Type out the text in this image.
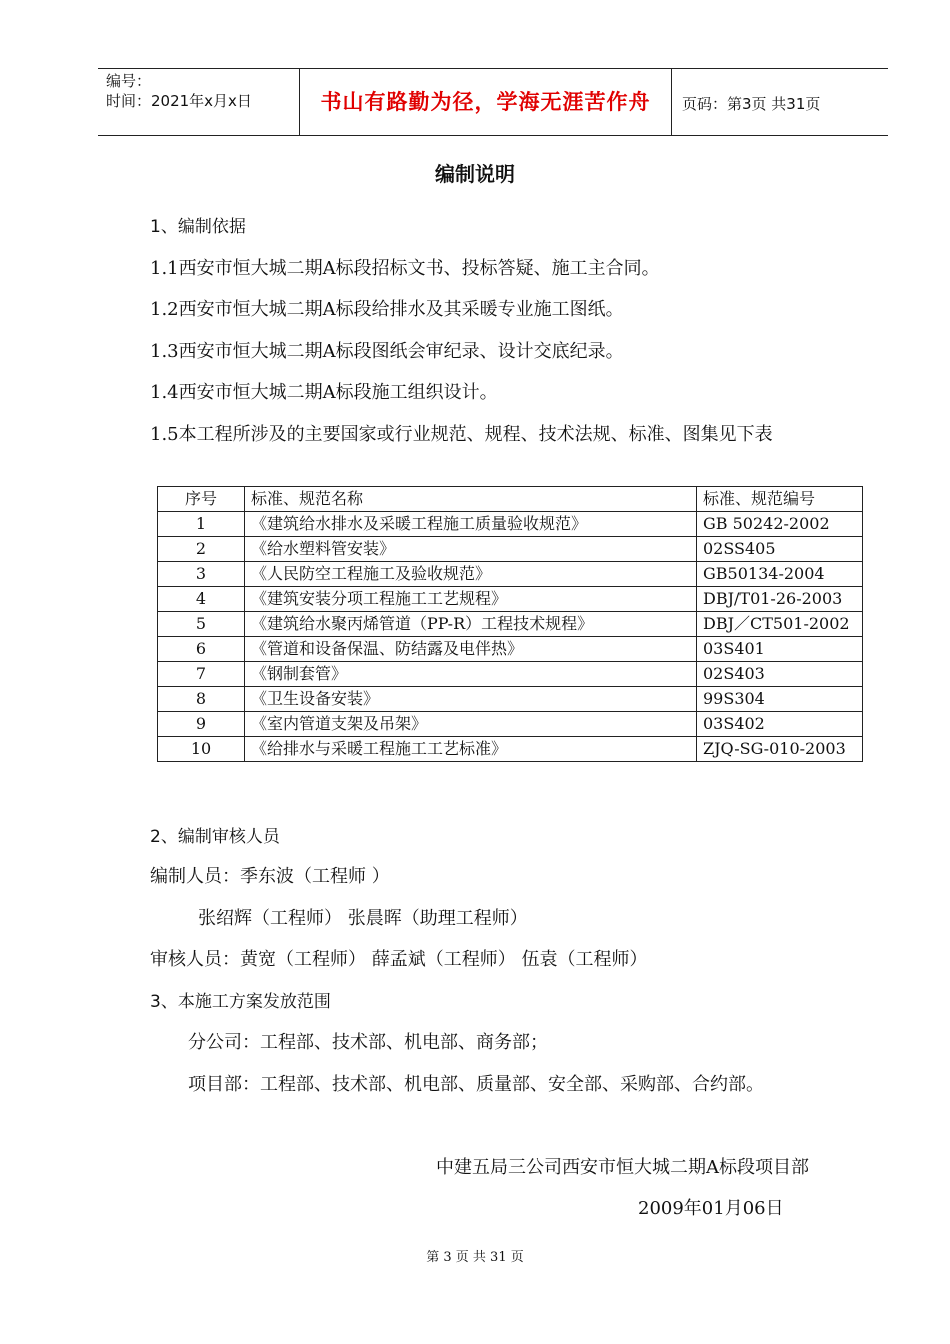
编号：
时间：2021年x月x日	书山有路勤为径，学海无涯苦作舟	页码：第3页 共31页
编制说明
1、编制依据
1.1西安市恒大城二期A标段招标文书、投标答疑、施工主合同。
1.2西安市恒大城二期A标段给排水及其采暖专业施工图纸。
1.3西安市恒大城二期A标段图纸会审纪录、设计交底纪录。
1.4西安市恒大城二期A标段施工组织设计。
1.5本工程所涉及的主要国家或行业规范、规程、技术法规、标准、图集见下表
序号	标准、规范名称	标准、规范编号
1	《建筑给水排水及采暖工程施工质量验收规范》	GB 50242-2002
2	《给水塑料管安装》	02SS405
3	《人民防空工程施工及验收规范》	GB50134-2004
4	《建筑安装分项工程施工工艺规程》	DBJ/T01-26-2003
5	《建筑给水聚丙烯管道（PP-R）工程技术规程》	DBJ／CT501-2002
6	《管道和设备保温、防结露及电伴热》	03S401
7	《钢制套管》	02S403
8	《卫生设备安装》	99S304
9	《室内管道支架及吊架》	03S402
10	《给排水与采暖工程施工工艺标准》	ZJQ-SG-010-2003
2、编制审核人员
编制人员：季东波（工程师 ）
张绍辉（工程师） 张晨晖（助理工程师）
审核人员：黄宽（工程师） 薛孟斌（工程师） 伍袁（工程师）
3、本施工方案发放范围
分公司：工程部、技术部、机电部、商务部；
项目部：工程部、技术部、机电部、质量部、安全部、采购部、合约部。
中建五局三公司西安市恒大城二期A标段项目部
2009年01月06日
第 3 页 共 31 页
